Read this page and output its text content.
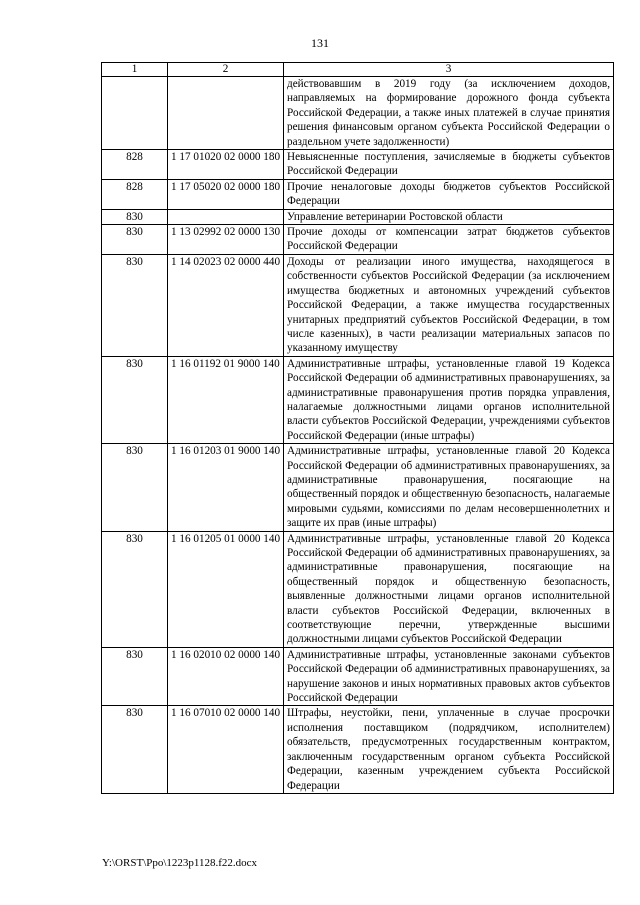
131
1	2	3
		действовавшим в 2019 году (за исключением доходов, направляемых на формирование дорожного фонда субъекта Российской Федерации, а также иных платежей в случае принятия решения финансовым органом субъекта Российской Федерации о раздельном учете задолженности)
828	1 17 01020 02 0000 180	Невыясненные поступления, зачисляемые в бюджеты субъектов Российской Федерации
828	1 17 05020 02 0000 180	Прочие неналоговые доходы бюджетов субъектов Российской Федерации
830		Управление ветеринарии Ростовской области
830	1 13 02992 02 0000 130	Прочие доходы от компенсации затрат бюджетов субъектов Российской Федерации
830	1 14 02023 02 0000 440	Доходы от реализации иного имущества, находящегося в собственности субъектов Российской Федерации (за исключением имущества бюджетных и автономных учреждений субъектов Российской Федерации, а также имущества государственных унитарных предприятий субъектов Российской Федерации, в том числе казенных), в части реализации материальных запасов по указанному имуществу
830	1 16 01192 01 9000 140	Административные штрафы, установленные главой 19 Кодекса Российской Федерации об административных правонарушениях, за административные правонарушения против порядка управления, налагаемые должностными лицами органов исполнительной власти субъектов Российской Федерации, учреждениями субъектов Российской Федерации (иные штрафы)
830	1 16 01203 01 9000 140	Административные штрафы, установленные главой 20 Кодекса Российской Федерации об административных правонарушениях, за административные правонарушения, посягающие на общественный порядок и общественную безопасность, налагаемые мировыми судьями, комиссиями по делам несовершеннолетних и защите их прав (иные штрафы)
830	1 16 01205 01 0000 140	Административные штрафы, установленные главой 20 Кодекса Российской Федерации об административных правонарушениях, за административные правонарушения, посягающие на общественный порядок и общественную безопасность, выявленные должностными лицами органов исполнительной власти субъектов Российской Федерации, включенных в соответствующие перечни, утвержденные высшими должностными лицами субъектов Российской Федерации
830	1 16 02010 02 0000 140	Административные штрафы, установленные законами субъектов Российской Федерации об административных правонарушениях, за нарушение законов и иных нормативных правовых актов субъектов Российской Федерации
830	1 16 07010 02 0000 140	Штрафы, неустойки, пени, уплаченные в случае просрочки исполнения поставщиком (подрядчиком, исполнителем) обязательств, предусмотренных государственным контрактом, заключенным государственным органом субъекта Российской Федерации, казенным учреждением субъекта Российской Федерации
Y:\ORST\Ppo\1223p1128.f22.docx
